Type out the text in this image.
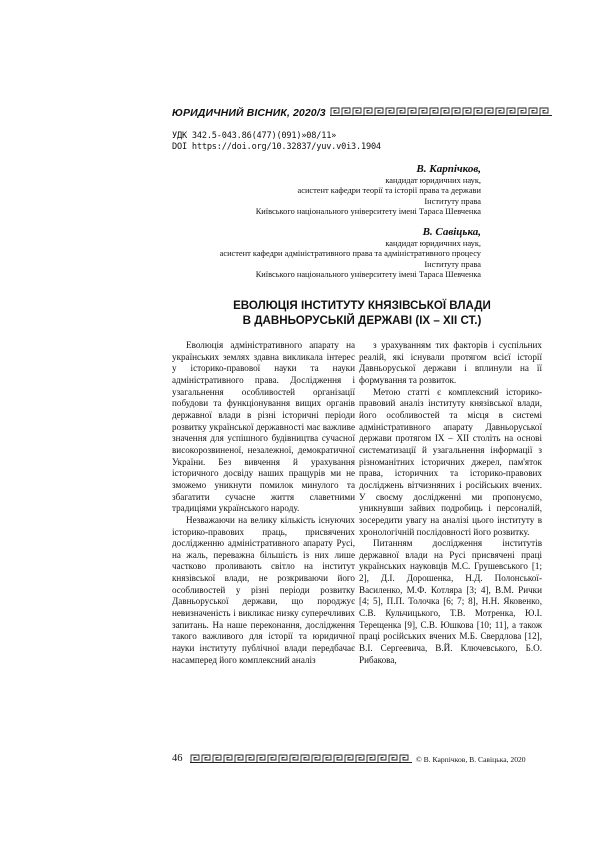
ЮРИДИЧНИЙ ВІСНИК, 2020/3
УДК 342.5-043.86(477)(091)»08/11»
DOI https://doi.org/10.32837/yuv.v0i3.1904
В. Карпічков,
кандидат юридичних наук,
асистент кафедри теорії та історії права та держави
Інституту права
Київського національного університету імені Тараса Шевченка
В. Савіцька,
кандидат юридичних наук,
асистент кафедри адміністративного права та адміністративного процесу
Інституту права
Київського національного університету імені Тараса Шевченка
ЕВОЛЮЦІЯ ІНСТИТУТУ КНЯЗІВСЬКОЇ ВЛАДИ
В ДАВНЬОРУСЬКІЙ ДЕРЖАВІ (IX – XII СТ.)

Еволюція адміністративного апарату на українських землях здавна викликала інтерес у історико-правової науки та науки адміністративного права. Дослідження і узагальнення особливостей організації побудови та функціонування вищих органів державної влади в різні історичні періоди розвитку української державності має важливе значення для успішного будівництва сучасної високорозвиненої, незалежної, демократичної України. Без вивчення й урахування історичного досвіду наших пращурів ми не зможемо уникнути помилок минулого та збагатити сучасне життя славетними традиціями українського народу.

Незважаючи на велику кількість існуючих історико-правових праць, присвячених дослідженню адміністративного апарату Русі, на жаль, переважна більшість із них лише частково проливають світло на інститут князівської влади, не розкриваючи його особливостей у різні періоди розвитку Давньоруської держави, що породжує невизначеність і викликає низку суперечливих запитань. На наше переконання, дослідження такого важливого для історії та юридичної науки інституту публічної влади передбачає насамперед його комплексний аналіз

з урахуванням тих факторів і суспільних реалій, які існували протягом всієї історії Давньоруської держави і вплинули на її формування та розвиток.

Метою статті є комплексний історико-правовий аналіз інституту князівської влади, його особливостей та місця в системі адміністративного апарату Давньоруської держави протягом IX – XII століть на основі систематизації й узагальнення інформації з різноманітних історичних джерел, пам'яток права, історичних та історико-правових досліджень вітчизняних і російських вчених. У своєму дослідженні ми пропонуємо, уникнувши зайвих подробиць і персоналій, зосередити увагу на аналізі цього інституту в хронологічній послідовності його розвитку.

Питанням дослідження інститутів державної влади на Русі присвячені праці українських науковців М.С. Грушевського [1; 2], Д.І. Дорошенка, Н.Д. Полонської-Василенко, М.Ф. Котляра [3; 4], В.М. Рички [4; 5], П.П. Толочка [6; 7; 8], Н.Н. Яковенко, С.В. Кульчицького, Т.В. Мотренка, Ю.І. Терещенка [9], С.В. Юшкова [10; 11], а також праці російських вчених М.Б. Свердлова [12], В.І. Сергеевича, В.Й. Ключевського, Б.О. Рибакова,

46	© В. Карпічков, В. Савіцька, 2020
